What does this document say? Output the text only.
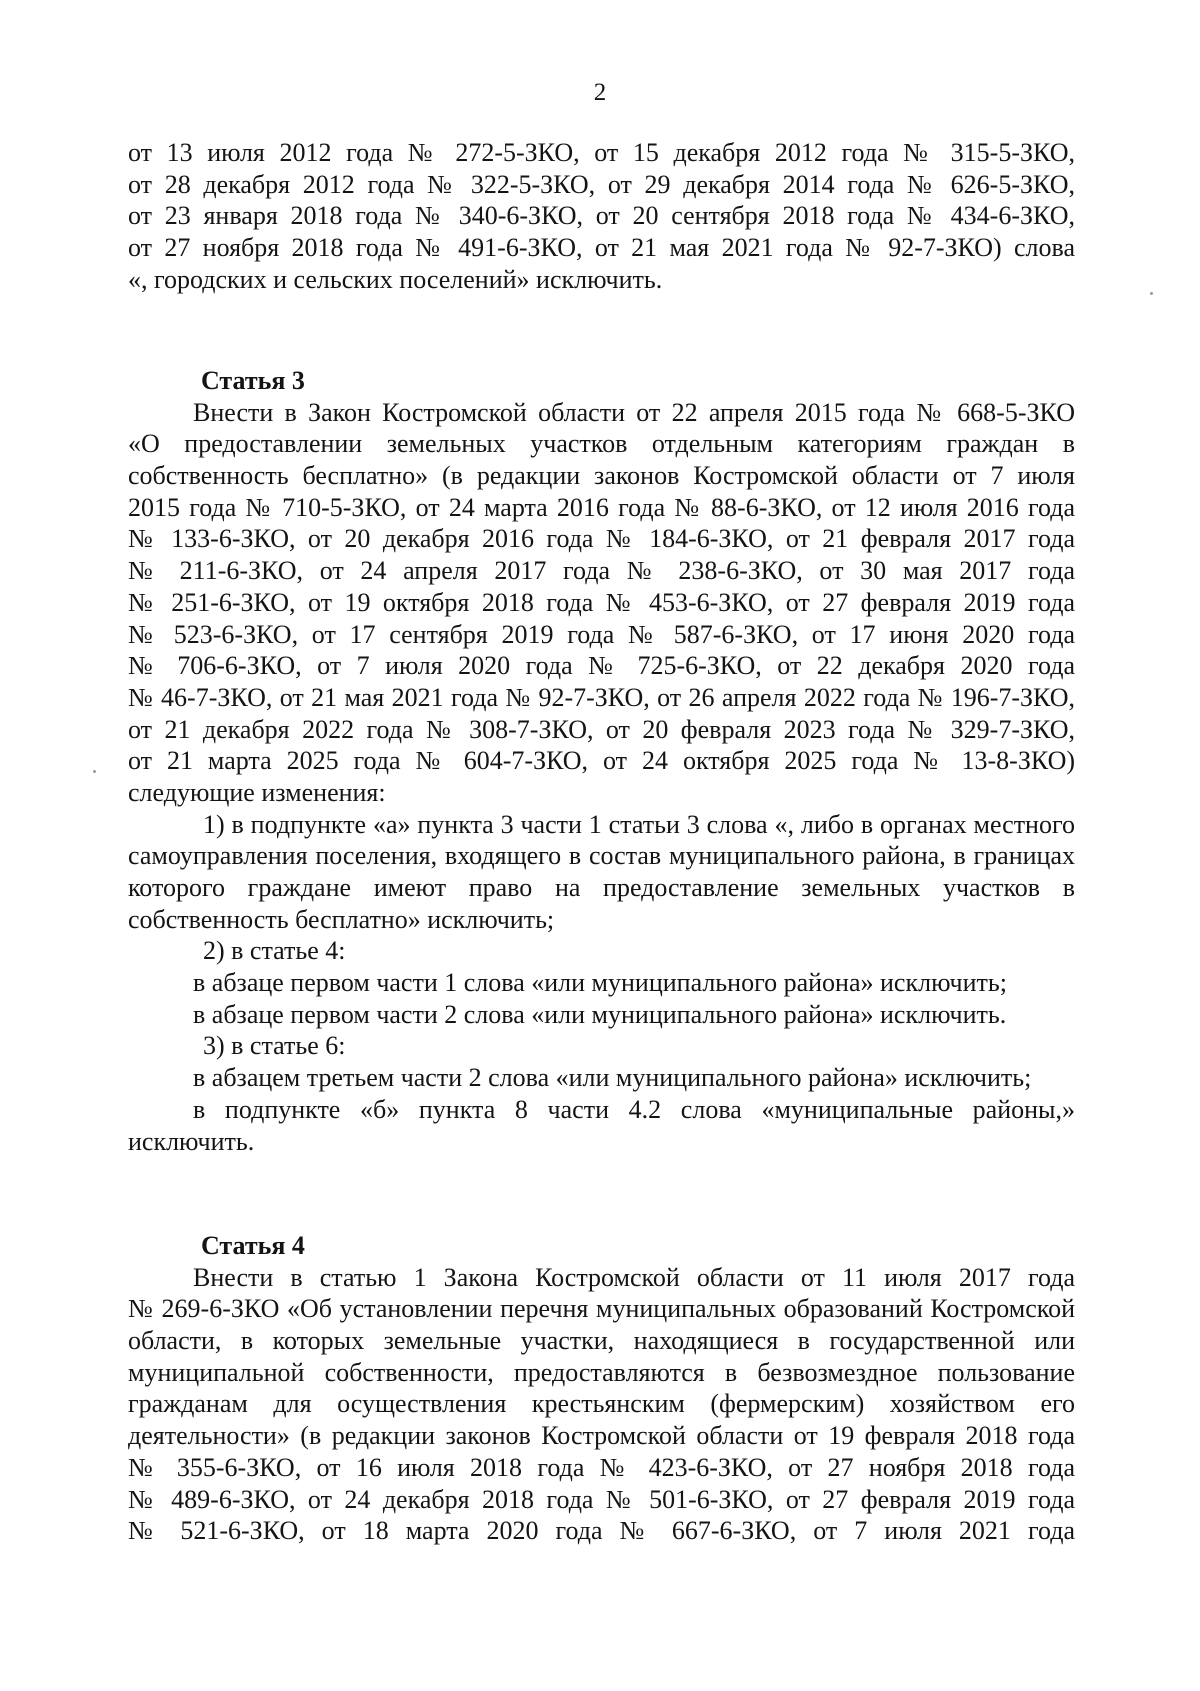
2
от 13 июля 2012 года № 272-5-ЗКО, от 15 декабря 2012 года № 315-5-ЗКО,
от 28 декабря 2012 года № 322-5-ЗКО, от 29 декабря 2014 года № 626-5-ЗКО,
от 23 января 2018 года № 340-6-ЗКО, от 20 сентября 2018 года № 434-6-ЗКО,
от 27 ноября 2018 года № 491-6-ЗКО, от 21 мая 2021 года № 92-7-ЗКО) слова
«, городских и сельских поселений» исключить.
Статья 3
Внести в Закон Костромской области от 22 апреля 2015 года № 668-5-ЗКО
«О предоставлении земельных участков отдельным категориям граждан в
собственность бесплатно» (в редакции законов Костромской области от 7 июля
2015 года № 710-5-ЗКО, от 24 марта 2016 года № 88-6-ЗКО, от 12 июля 2016 года
№ 133-6-ЗКО, от 20 декабря 2016 года № 184-6-ЗКО, от 21 февраля 2017 года
№ 211-6-ЗКО, от 24 апреля 2017 года № 238-6-ЗКО, от 30 мая 2017 года
№ 251-6-ЗКО, от 19 октября 2018 года № 453-6-ЗКО, от 27 февраля 2019 года
№ 523-6-ЗКО, от 17 сентября 2019 года № 587-6-ЗКО, от 17 июня 2020 года
№ 706-6-ЗКО, от 7 июля 2020 года № 725-6-ЗКО, от 22 декабря 2020 года
№ 46-7-ЗКО, от 21 мая 2021 года № 92-7-ЗКО, от 26 апреля 2022 года № 196-7-ЗКО,
от 21 декабря 2022 года № 308-7-ЗКО, от 20 февраля 2023 года № 329-7-ЗКО,
от 21 марта 2025 года № 604-7-ЗКО, от 24 октября 2025 года № 13-8-ЗКО)
следующие изменения:
1) в подпункте «а» пункта 3 части 1 статьи 3 слова «, либо в органах местного
самоуправления поселения, входящего в состав муниципального района, в границах
которого граждане имеют право на предоставление земельных участков в
собственность бесплатно» исключить;
2) в статье 4:
в абзаце первом части 1 слова «или муниципального района» исключить;
в абзаце первом части 2 слова «или муниципального района» исключить.
3) в статье 6:
в абзацем третьем части 2 слова «или муниципального района» исключить;
в подпункте «б» пункта 8 части 4.2 слова «муниципальные районы,»
исключить.
Статья 4
Внести в статью 1 Закона Костромской области от 11 июля 2017 года
№ 269-6-ЗКО «Об установлении перечня муниципальных образований Костромской
области, в которых земельные участки, находящиеся в государственной или
муниципальной собственности, предоставляются в безвозмездное пользование
гражданам для осуществления крестьянским (фермерским) хозяйством его
деятельности» (в редакции законов Костромской области от 19 февраля 2018 года
№ 355-6-ЗКО, от 16 июля 2018 года № 423-6-ЗКО, от 27 ноября 2018 года
№ 489-6-ЗКО, от 24 декабря 2018 года № 501-6-ЗКО, от 27 февраля 2019 года
№ 521-6-ЗКО, от 18 марта 2020 года № 667-6-ЗКО, от 7 июля 2021 года
